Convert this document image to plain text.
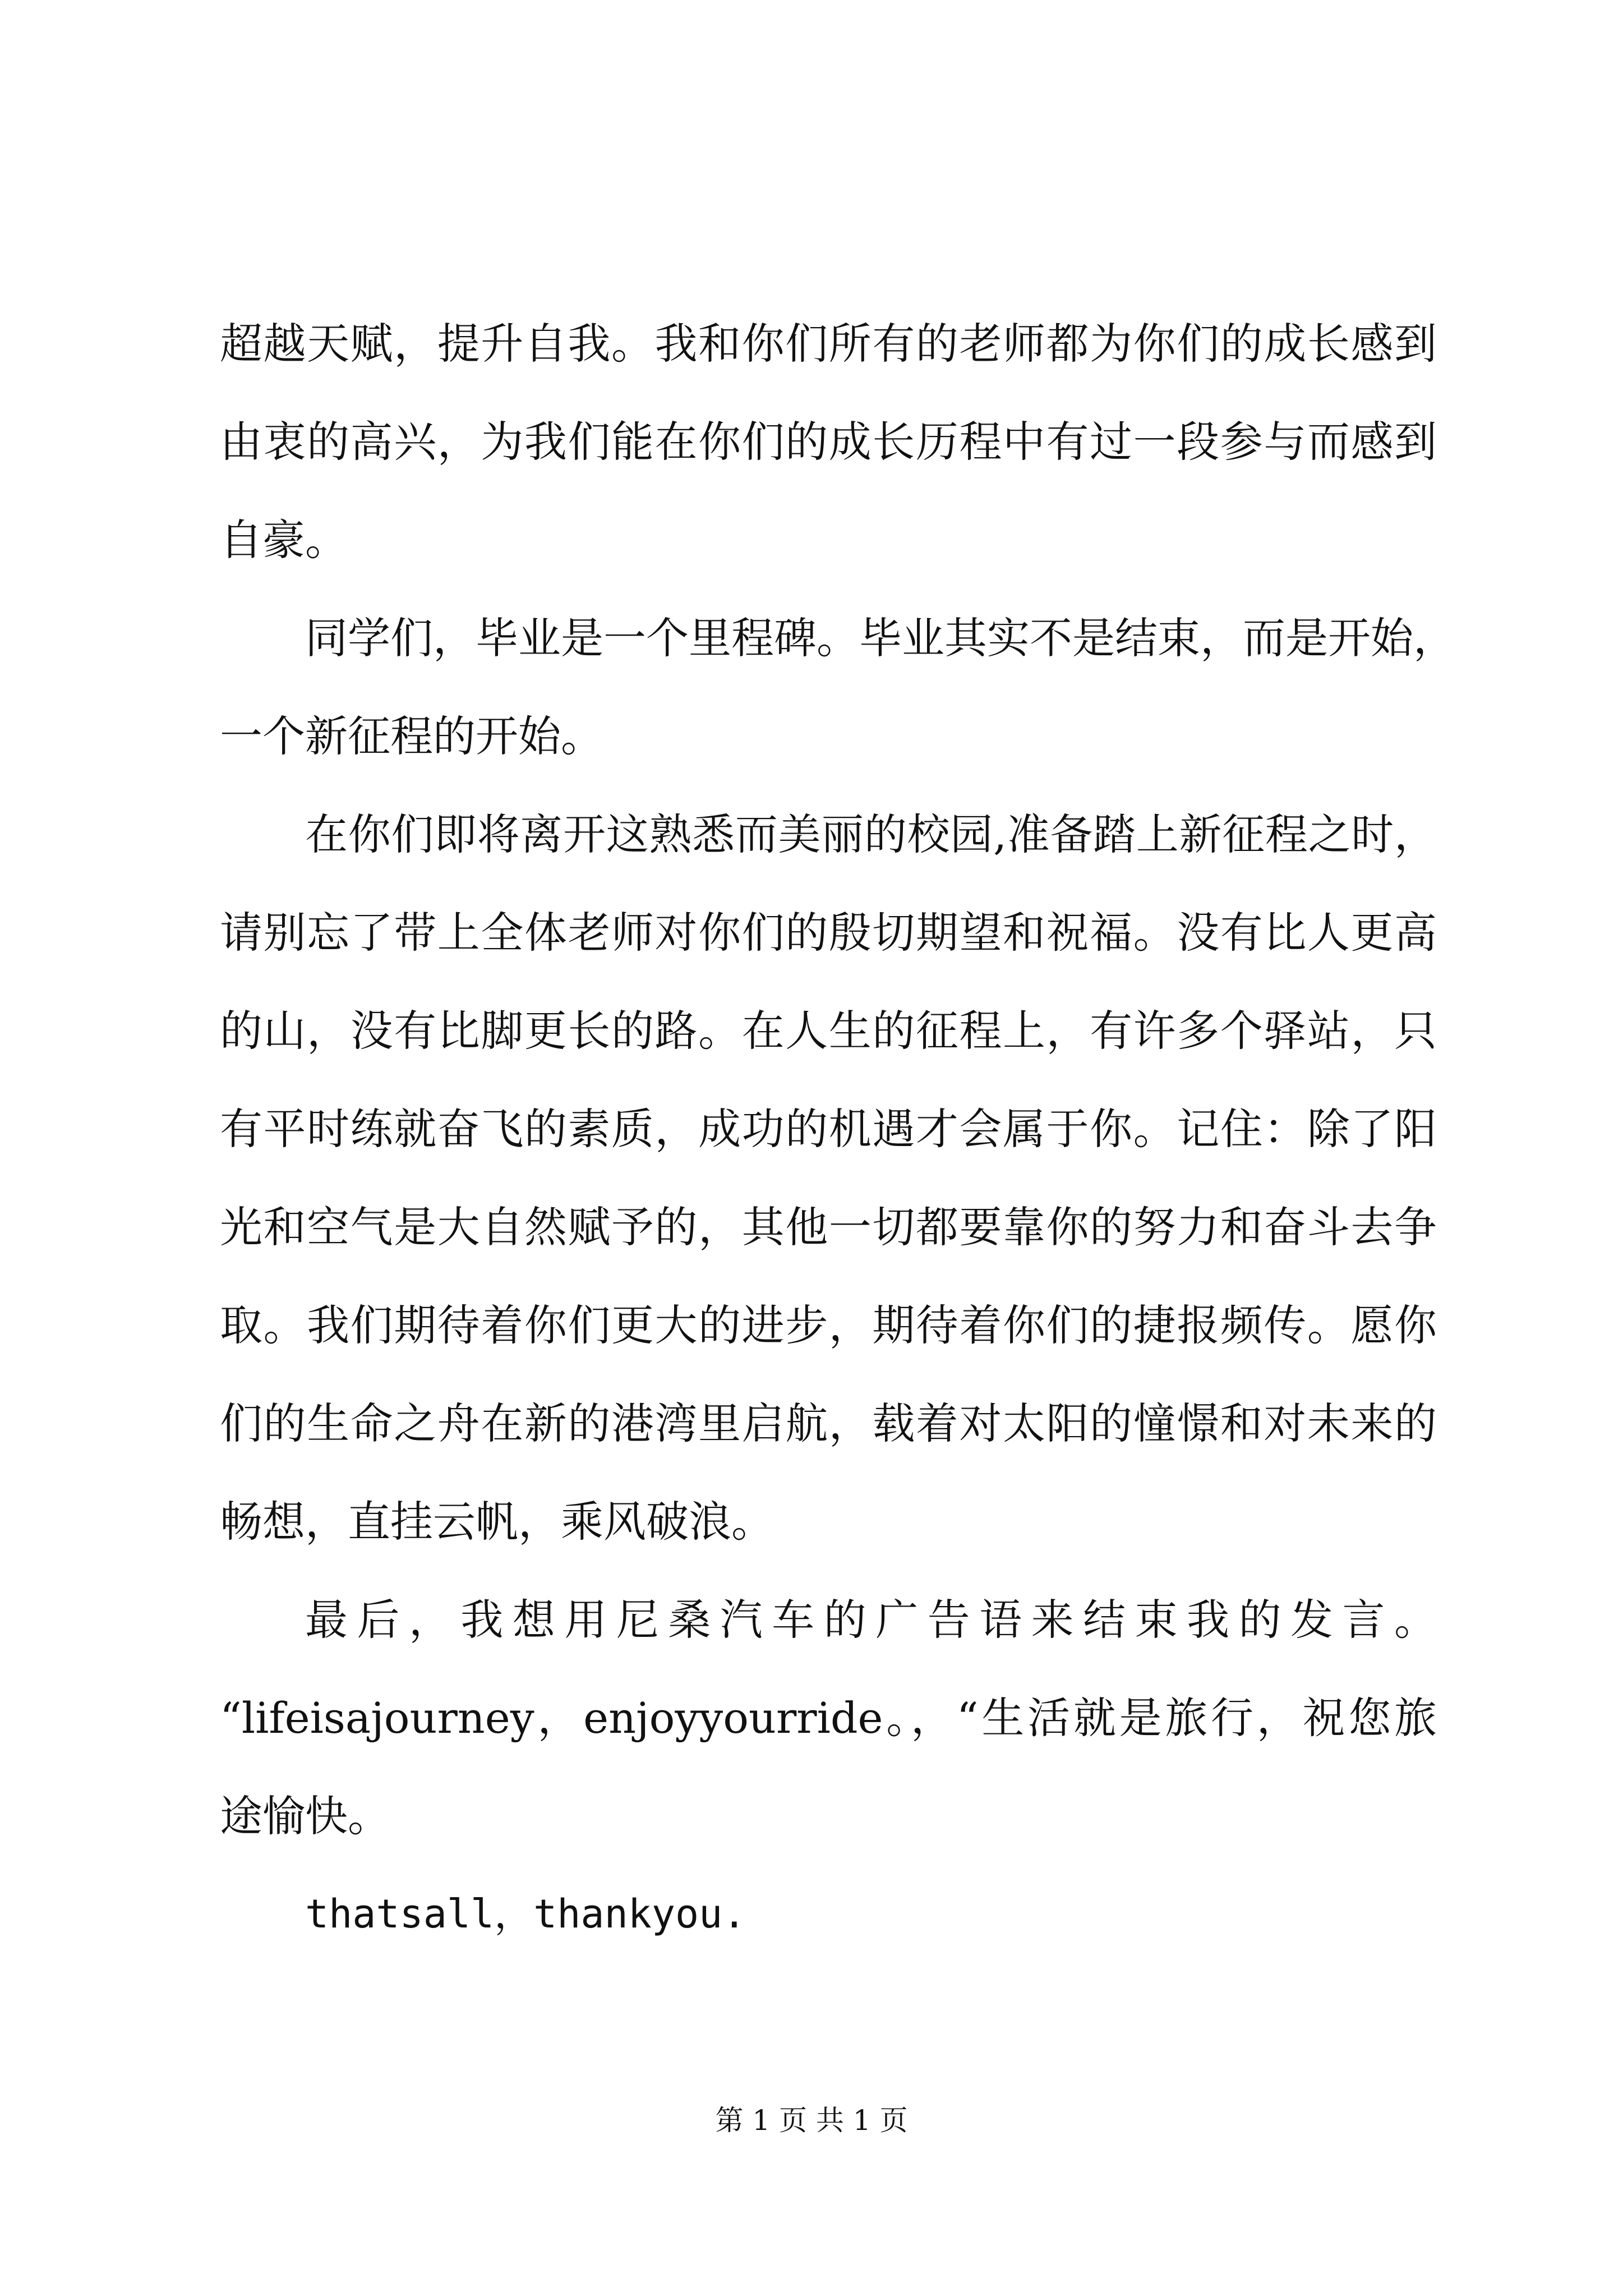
超越天赋，提升自我。我和你们所有的老师都为你们的成长感到
由衷的高兴，为我们能在你们的成长历程中有过一段参与而感到
自豪。
同学们，毕业是一个里程碑。毕业其实不是结束，而是开始，
一个新征程的开始。
在你们即将离开这熟悉而美丽的校园,准备踏上新征程之时，
请别忘了带上全体老师对你们的殷切期望和祝福。没有比人更高
的山，没有比脚更长的路。在人生的征程上，有许多个驿站，只
有平时练就奋飞的素质，成功的机遇才会属于你。记住：除了阳
光和空气是大自然赋予的，其他一切都要靠你的努力和奋斗去争
取。我们期待着你们更大的进步，期待着你们的捷报频传。愿你
们的生命之舟在新的港湾里启航，载着对太阳的憧憬和对未来的
畅想，直挂云帆，乘风破浪。
最后，我想用尼桑汽车的广告语来结束我的发言。
“lifeisajourney，enjoyyourride。，“生活就是旅行，祝您旅
途愉快。
thatsall，thankyou.
第 1 页 共 1 页
